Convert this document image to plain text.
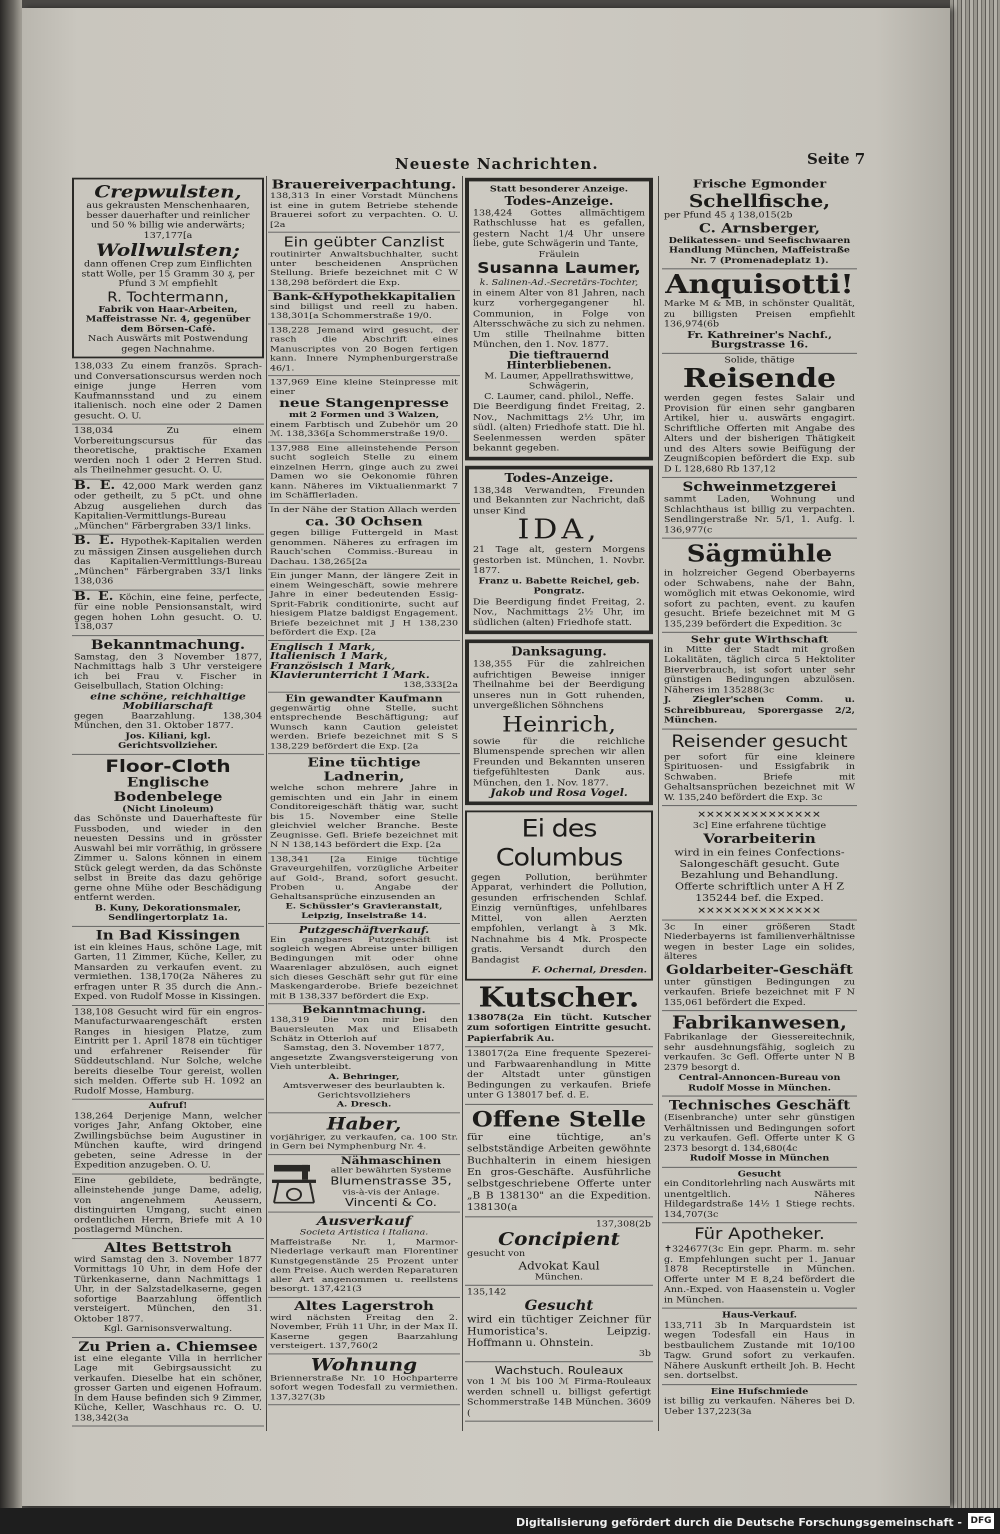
Neueste Nachrichten.	Seite 7
Crepwulsten,
aus gekrausten Menschenhaaren, besser dauerhafter und reinlicher und 50 % billig wie anderwärts; 137,177[a
Wollwulsten;
dann offenen Crep zum Einflichten statt Wolle, per 15 Gramm 30 ₰, per Pfund 3 ℳ empfiehlt
R. Tochtermann,
Fabrik von Haar-Arbeiten, Maffeistrasse Nr. 4, gegenüber dem Börsen-Café.
Nach Auswärts mit Postwendung gegen Nachnahme.
138,033 Zu einem französ. Sprach- und Conversationscursus werden noch einige junge Herren vom Kaufmannsstand und zu einem italienisch. noch eine oder 2 Damen gesucht. O. U.
138,034 Zu einem Vorbereitungscursus für das theoretische, praktische Examen werden noch 1 oder 2 Herren Stud. als Theilnehmer gesucht. O. U.
B. E. 42,000 Mark werden ganz oder getheilt, zu 5 pCt. und ohne Abzug ausgeliehen durch das Kapitalien-Vermittlungs-Bureau „München" Färbergraben 33/1 links.
B. E. Hypothek-Kapitalien werden zu mässigen Zinsen ausgeliehen durch das Kapitalien-Vermittlungs-Bureau „München" Färbergraben 33/1 links 138,036
B. E. Köchin, eine feine, perfecte, für eine noble Pensionsanstalt, wird gegen hohen Lohn gesucht. O. U. 138,037
Bekanntmachung.
Samstag, den 3 November 1877, Nachmittags halb 3 Uhr versteigere ich bei Frau v. Fischer in Geiselbullach, Station Olching:
eine schöne, reichhaltige Mobiliarschaft
gegen Baarzahlung. 138,304 München, den 31. Oktober 1877.
Jos. Kiliani, kgl. Gerichtsvollzieher.
Floor-Cloth
Englische Bodenbelege
(Nicht Linoleum)
das Schönste und Dauerhafteste für Fussboden, und wieder in den neuesten Dessins und in grösster Auswahl bei mir vorräthig, in grössere Zimmer u. Salons können in einem Stück gelegt werden, da das Schönste selbst in Breite das dazu gehörige gerne ohne Mühe oder Beschädigung entfernt werden.
B. Kuny, Dekorationsmaler, Sendlingertorplatz 1a.
In Bad Kissingen
ist ein kleines Haus, schöne Lage, mit Garten, 11 Zimmer, Küche, Keller, zu Mansarden zu verkaufen event. zu vermiethen. 138,170(2a Näheres zu erfragen unter R 35 durch die Ann.-Exped. von Rudolf Mosse in Kissingen.
138,108 Gesucht wird für ein engros-Manufacturwaarengeschäft ersten Ranges in hiesigen Platze, zum Eintritt per 1. April 1878 ein tüchtiger und erfahrener Reisender für Süddeutschland. Nur Solche, welche bereits dieselbe Tour gereist, wollen sich melden. Offerte sub H. 1092 an Rudolf Mosse, Hamburg.
Aufruf!
138,264 Derjenige Mann, welcher voriges Jahr, Anfang Oktober, eine Zwillingsbüchse beim Augustiner in München kaufte, wird dringend gebeten, seine Adresse in der Expedition anzugeben. O. U.
Eine gebildete, bedrängte, alleinstehende junge Dame, adelig, von angenehmem Aeussern, distinguirten Umgang, sucht einen ordentlichen Herrn, Briefe mit A 10 postlagernd München.
Altes Bettstroh
wird Samstag den 3. November 1877 Vormittags 10 Uhr, in dem Hofe der Türkenkaserne, dann Nachmittags 1 Uhr, in der Salzstadelkaserne, gegen sofortige Baarzahlung öffentlich versteigert. München, den 31. Oktober 1877.
Kgl. Garnisonsverwaltung.
Zu Prien a. Chiemsee
ist eine elegante Villa in herrlicher Lage mit Gebirgsaussicht zu verkaufen. Dieselbe hat ein schöner, grosser Garten und eigenen Hofraum. In dem Hause befinden sich 9 Zimmer, Küche, Keller, Waschhaus rc. O. U. 138,342(3a
Brauereiverpachtung.
138,313 In einer Vorstadt Münchens ist eine in gutem Betriebe stehende Brauerei sofort zu verpachten. O. U. [2a
Ein geübter Canzlist
routinirter Anwaltsbuchhalter, sucht unter bescheidenen Ansprüchen Stellung. Briefe bezeichnet mit C W 138,298 befördert die Exp.
Bank-&Hypothekkapitalien
sind billigst und reell zu haben. 138,301[a Schommerstraße 19/0.
138,228 Jemand wird gesucht, der rasch die Abschrift eines Manuscriptes von 20 Bogen fertigen kann. Innere Nymphenburgerstraße 46/1.
137,969 Eine kleine Steinpresse mit einer
neue Stangenpresse
mit 2 Formen und 3 Walzen,
einem Farbtisch und Zubehör um 20 ℳ. 138,336[a Schommerstraße 19/0.
137,988 Eine alleinstehende Person sucht sogleich Stelle zu einem einzelnen Herrn, ginge auch zu zwei Damen wo sie Oekonomie führen kann. Näheres im Viktualienmarkt 7 im Schäfflerladen.
In der Nähe der Station Allach werden
ca. 30 Ochsen
gegen billige Futtergeld in Mast genommen. Näheres zu erfragen im Rauch'schen Commiss.-Bureau in Dachau. 138,265[2a
Ein junger Mann, der längere Zeit in einem Weingeschäft, sowie mehrere Jahre in einer bedeutenden Essig-Sprit-Fabrik conditionirte, sucht auf hiesigem Platze baldigst Engagement. Briefe bezeichnet mit J H 138,230 befördert die Exp. [2a
Englisch 1 Mark,
Italienisch 1 Mark,
Französisch 1 Mark,
Klavierunterricht 1 Mark.
138,333[2a
Ein gewandter Kaufmann
gegenwärtig ohne Stelle, sucht entsprechende Beschäftigung; auf Wunsch kann Caution geleistet werden. Briefe bezeichnet mit S S 138,229 befördert die Exp. [2a
Eine tüchtige Ladnerin,
welche schon mehrere Jahre in gemischten und ein Jahr in einem Conditoreigeschäft thätig war, sucht bis 15. November eine Stelle gleichviel welcher Branche. Beste Zeugnisse. Gefl. Briefe bezeichnet mit N N 138,143 befördert die Exp. [2a
138,341 [2a Einige tüchtige Graveurgehilfen, vorzügliche Arbeiter auf Gold-, Brand, sofort gesucht. Proben u. Angabe der Gehaltsansprüche einzusenden an
E. Schüssler's Gravieranstalt, Leipzig, Inselstraße 14.
Putzgeschäftverkauf.
Ein gangbares Putzgeschäft ist sogleich wegen Abreise unter billigen Bedingungen mit oder ohne Waarenlager abzulösen, auch eignet sich dieses Geschäft sehr gut für eine Maskengarderobe. Briefe bezeichnet mit B 138,337 befördert die Exp.
Bekanntmachung.
138,319 Die von mir bei den Bauersleuten Max und Elisabeth Schätz in Otterloh auf
Samstag, den 3. November 1877,
angesetzte Zwangsversteigerung von Vieh unterbleibt.
A. Behringer,
Amtsverweser des beurlaubten k. Gerichtsvollziehers
A. Dresch.
Haber,
vorjähriger, zu verkaufen, ca. 100 Str. in Gern bei Nymphenburg Nr. 4.
Nähmaschinen
aller bewährten Systeme
Blumenstrasse 35,
vis-à-vis der Anlage.
Vincenti & Co.
Ausverkauf
Societa Artistica i Italiana.
Maffeistraße Nr. 1, Marmor-Niederlage verkauft man Florentiner Kunstgegenstände 25 Prozent unter dem Preise. Auch werden Reparaturen aller Art angenommen u. reellstens besorgt. 137,421(3
Altes Lagerstroh
wird nächsten Freitag den 2. November, Früh 11 Uhr, in der Max II. Kaserne gegen Baarzahlung versteigert. 137,760(2
Wohnung
Briennerstraße Nr. 10 Hochparterre sofort wegen Todesfall zu vermiethen. 137,327(3b
Statt besonderer Anzeige.
Todes-Anzeige.
138,424 Gottes allmächtigem Rathschlusse hat es gefallen, gestern Nacht 1/4 Uhr unsere liebe, gute Schwägerin und Tante,
Fräulein
Susanna Laumer,
k. Salinen-Ad.-Secretärs-Tochter,
in einem Alter von 81 Jahren, nach kurz vorhergegangener hl. Communion, in Folge von Altersschwäche zu sich zu nehmen. Um stille Theilnahme bitten München, den 1. Nov. 1877.
Die tieftrauernd Hinterbliebenen.
M. Laumer, Appellrathswittwe, Schwägerin,
C. Laumer, cand. philol., Neffe.
Die Beerdigung findet Freitag, 2. Nov., Nachmittags 2½ Uhr, im südl. (alten) Friedhofe statt. Die hl. Seelenmessen werden später bekannt gegeben.
Todes-Anzeige.
138,348 Verwandten, Freunden und Bekannten zur Nachricht, daß unser Kind
IDA,
21 Tage alt, gestern Morgens gestorben ist. München, 1. Novbr. 1877.
Franz u. Babette Reichel, geb. Pongratz.
Die Beerdigung findet Freitag, 2. Nov., Nachmittags 2½ Uhr, im südlichen (alten) Friedhofe statt.
Danksagung.
138,355 Für die zahlreichen aufrichtigen Beweise inniger Theilnahme bei der Beerdigung unseres nun in Gott ruhenden, unvergeßlichen Söhnchens
Heinrich,
sowie für die reichliche Blumenspende sprechen wir allen Freunden und Bekannten unseren tiefgefühltesten Dank aus. München, den 1. Nov. 1877.
Jakob und Rosa Vogel.
Ei des Columbus
gegen Pollution, berühmter Apparat, verhindert die Pollution, gesunden erfrischenden Schlaf. Einzig vernünftiges, unfehlbares Mittel, von allen Aerzten empfohlen, verlangt à 3 Mk. Nachnahme bis 4 Mk. Prospecte gratis. Versandt durch den Bandagist
F. Ochernal, Dresden.
Kutscher.
138078(2a Ein tücht. Kutscher zum sofortigen Eintritte gesucht. Papierfabrik Au.
138017(2a Eine frequente Spezerei- und Farbwaarenhandlung in Mitte der Altstadt unter günstigen Bedingungen zu verkaufen. Briefe unter G 138017 bef. d. E.
Offene Stelle
für eine tüchtige, an's selbstständige Arbeiten gewöhnte Buchhalterin in einem hiesigen En gros-Geschäfte. Ausführliche selbstgeschriebene Offerte unter „B B 138130" an die Expedition. 138130(a
137,308(2b
Concipient
gesucht von
Advokat Kaul
München.
135,142
Gesucht
wird ein tüchtiger Zeichner für Humoristica's. Leipzig. Hoffmann u. Ohnstein.
3b
Wachstuch. Rouleaux
von 1 ℳ bis 100 ℳ Firma-Rouleaux werden schnell u. billigst gefertigt Schommerstraße 14B München. 3609 (
Frische Egmonder
Schellfische,
per Pfund 45 ₰ 138,015(2b
C. Arnsberger,
Delikatessen- und Seefischwaaren Handlung München, Maffeistraße Nr. 7 (Promenadeplatz 1).
Anquisotti!
Marke M & MB, in schönster Qualität, zu billigsten Preisen empfiehlt 136,974(6b
Fr. Kathreiner's Nachf., Burgstrasse 16.
Solide, thätige
Reisende
werden gegen festes Salair und Provision für einen sehr gangbaren Artikel, hier u. auswärts engagirt. Schriftliche Offerten mit Angabe des Alters und der bisherigen Thätigkeit und des Alters sowie Beifügung der Zeugnißcopien befördert die Exp. sub D L 128,680 Rb 137,12
Schweinmetzgerei
sammt Laden, Wohnung und Schlachthaus ist billig zu verpachten. Sendlingerstraße Nr. 5/1, 1. Aufg. l. 136,977(c
Sägmühle
in holzreicher Gegend Oberbayerns oder Schwabens, nahe der Bahn, womöglich mit etwas Oekonomie, wird sofort zu pachten, event. zu kaufen gesucht. Briefe bezeichnet mit M G 135,239 befördert die Expedition. 3c
Sehr gute Wirthschaft
in Mitte der Stadt mit großen Lokalitäten, täglich circa 5 Hektoliter Bierverbrauch, ist sofort unter sehr günstigen Bedingungen abzulösen. Näheres im 135288(3c
J. Ziegler'schen Comm. u. Schreibbureau, Sporergasse 2/2, München.
Reisender gesucht
per sofort für eine kleinere Spirituosen- und Essigfabrik in Schwaben. Briefe mit Gehaltsansprüchen bezeichnet mit W W. 135,240 befördert die Exp. 3c
✕✕✕✕✕✕✕✕✕✕✕✕✕✕
3c] Eine erfahrene tüchtige
Vorarbeiterin
wird in ein feines Confections-Salongeschäft gesucht. Gute Bezahlung und Behandlung. Offerte schriftlich unter A H Z 135244 bef. die Exped.
✕✕✕✕✕✕✕✕✕✕✕✕✕✕
3c In einer größeren Stadt Niederbayerns ist familienverhältnisse wegen in bester Lage ein solides, älteres
Goldarbeiter-Geschäft
unter günstigen Bedingungen zu verkaufen. Briefe bezeichnet mit F N 135,061 befördert die Exped.
Fabrikanwesen,
Fabrikanlage der Giessereitechnik, sehr ausdehnungsfähig, sogleich zu verkaufen. 3c Gefl. Offerte unter N B 2379 besorgt d.
Central-Annoncen-Bureau von Rudolf Mosse in München.
Technisches Geschäft
(Eisenbranche) unter sehr günstigen Verhältnissen und Bedingungen sofort zu verkaufen. Gefl. Offerte unter K G 2373 besorgt d. 134,680(4c
Rudolf Mosse in München
Gesucht
ein Conditorlehrling nach Auswärts mit unentgeltlich. Näheres Hildegardstraße 14½ 1 Stiege rechts. 134,707(3c
Für Apotheker.
✝324677(3c Ein gepr. Pharm. m. sehr g. Empfehlungen sucht per 1. Januar 1878 Receptirstelle in München. Offerte unter M E 8,24 befördert die Ann.-Exped. von Haasenstein u. Vogler in München.
Haus-Verkauf.
133,711 3b In Marquardstein ist wegen Todesfall ein Haus in bestbaulichem Zustande mit 10/100 Tagw. Grund sofort zu verkaufen. Nähere Auskunft ertheilt Joh. B. Hecht sen. dortselbst.
Eine Hufschmiede
ist billig zu verkaufen. Näheres bei D. Ueber 137,223(3a
Digitalisierung gefördert durch die Deutsche Forschungsgemeinschaft - DFG
